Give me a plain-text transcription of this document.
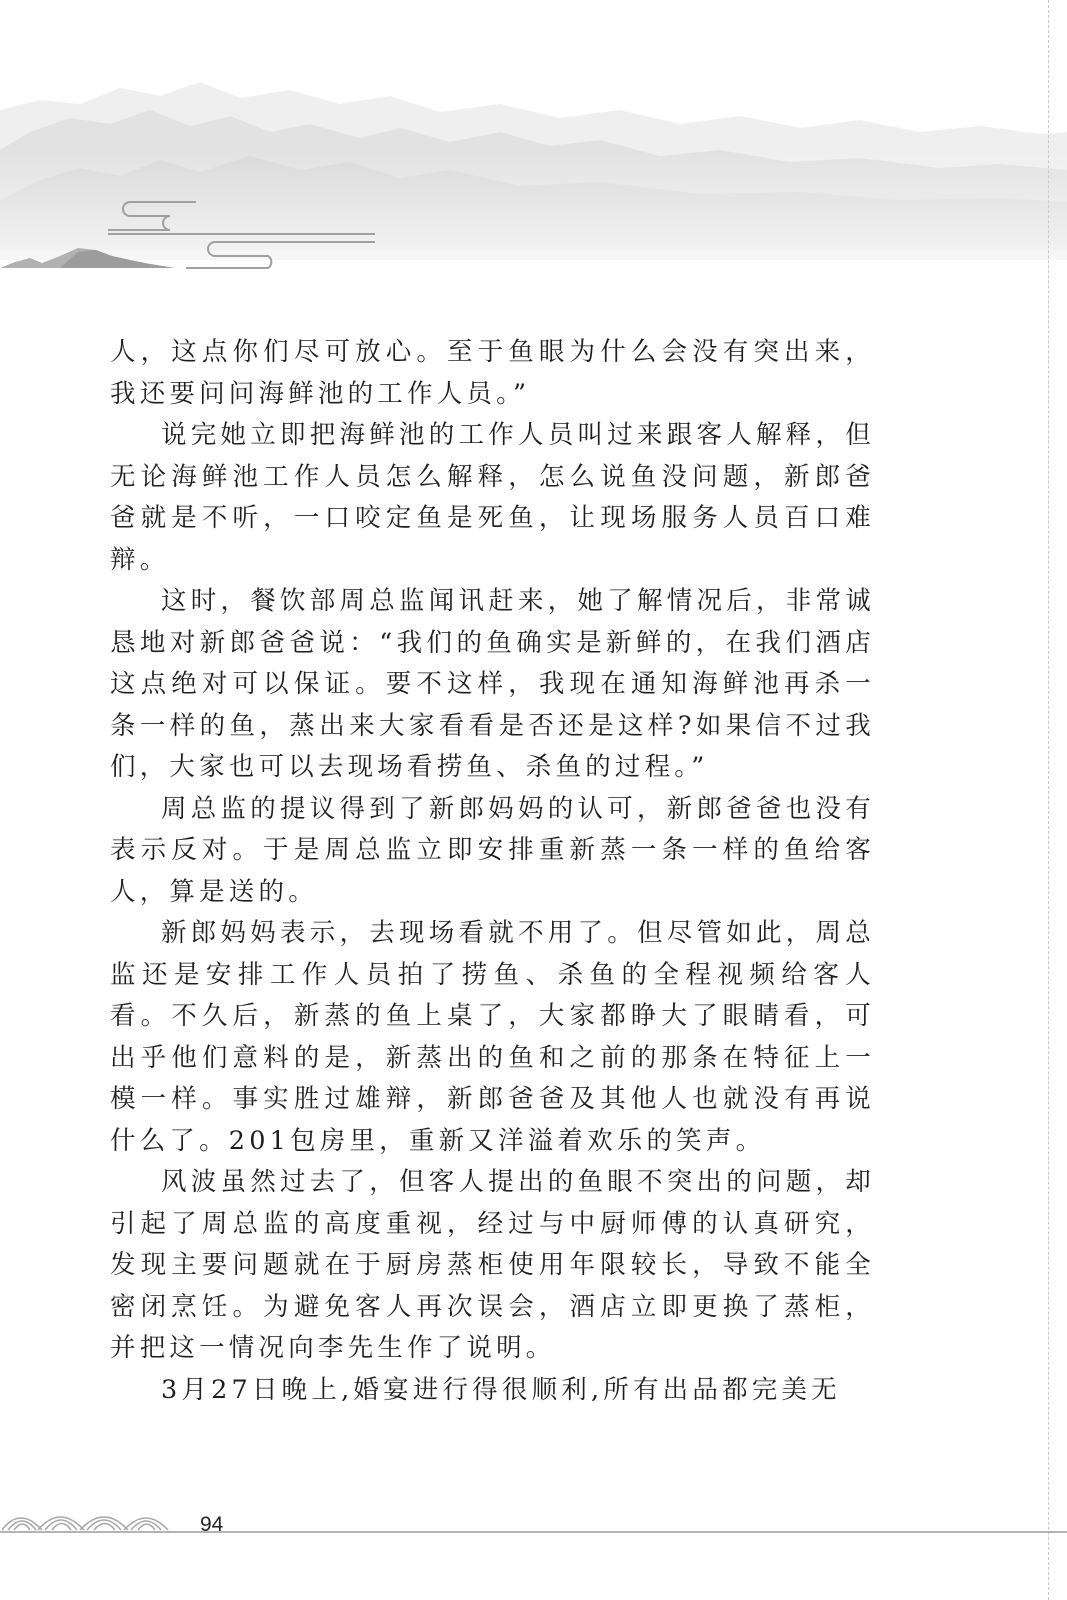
人，这点你们尽可放心。至于鱼眼为什么会没有突出来，我还要问问海鲜池的工作人员。”

说完她立即把海鲜池的工作人员叫过来跟客人解释，但无论海鲜池工作人员怎么解释，怎么说鱼没问题，新郎爸爸就是不听，一口咬定鱼是死鱼，让现场服务人员百口难辩。

这时，餐饮部周总监闻讯赶来，她了解情况后，非常诚恳地对新郎爸爸说：“我们的鱼确实是新鲜的，在我们酒店这点绝对可以保证。要不这样，我现在通知海鲜池再杀一条一样的鱼，蒸出来大家看看是否还是这样?如果信不过我们，大家也可以去现场看捞鱼、杀鱼的过程。”

周总监的提议得到了新郎妈妈的认可，新郎爸爸也没有表示反对。于是周总监立即安排重新蒸一条一样的鱼给客人，算是送的。

新郎妈妈表示，去现场看就不用了。但尽管如此，周总监还是安排工作人员拍了捞鱼、杀鱼的全程视频给客人看。不久后，新蒸的鱼上桌了，大家都睁大了眼睛看，可出乎他们意料的是，新蒸出的鱼和之前的那条在特征上一模一样。事实胜过雄辩，新郎爸爸及其他人也就没有再说什么了。201包房里，重新又洋溢着欢乐的笑声。

风波虽然过去了，但客人提出的鱼眼不突出的问题，却引起了周总监的高度重视，经过与中厨师傅的认真研究，发现主要问题就在于厨房蒸柜使用年限较长，导致不能全密闭烹饪。为避免客人再次误会，酒店立即更换了蒸柜，并把这一情况向李先生作了说明。

3月27日晚上,婚宴进行得很顺利,所有出品都完美无

94
